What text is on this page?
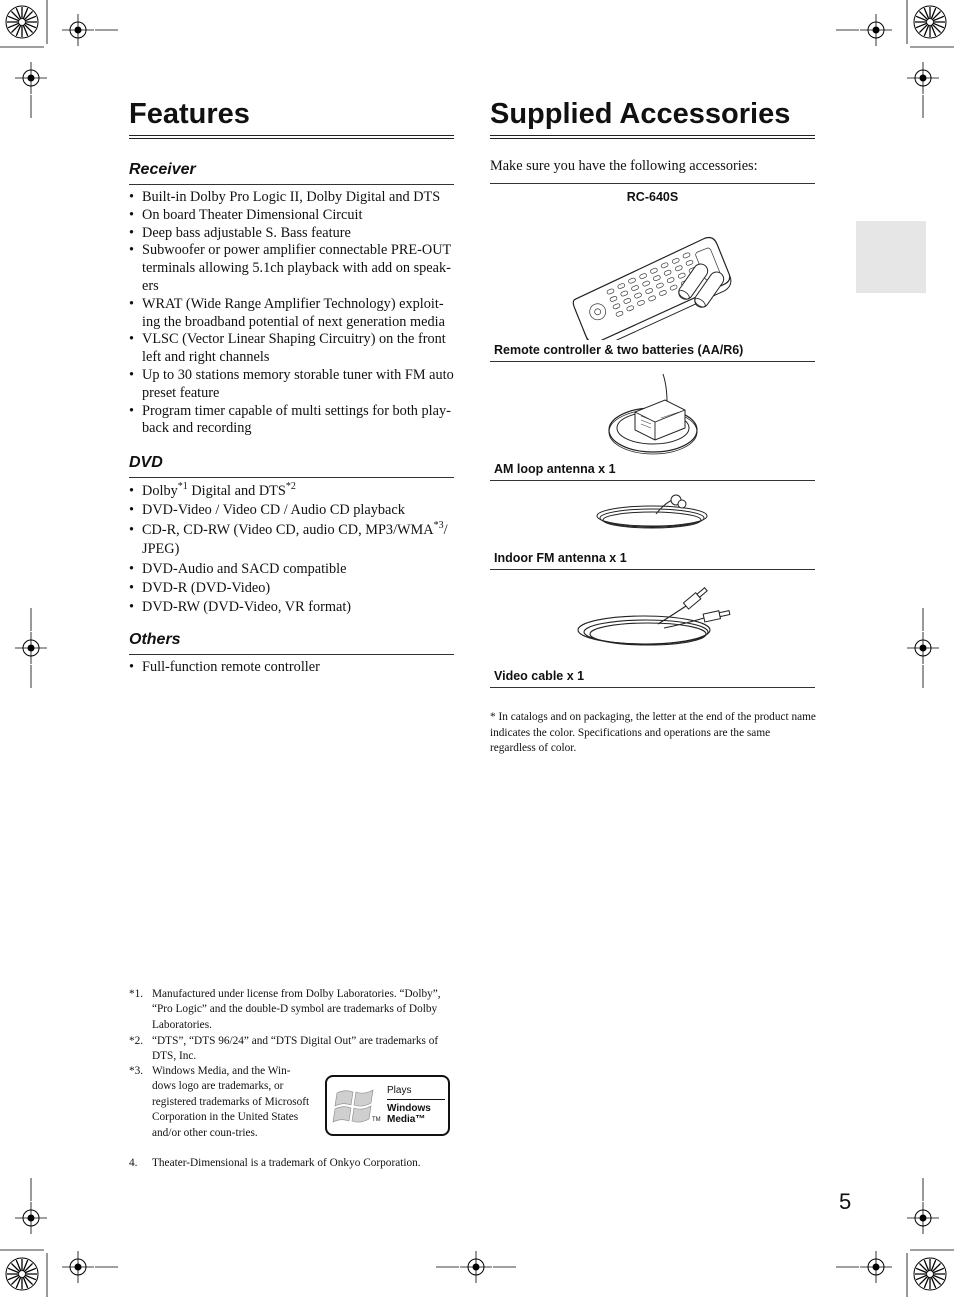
Features
Receiver
• Built-in Dolby Pro Logic II, Dolby Digital and DTS
• On board Theater Dimensional Circuit
• Deep bass adjustable S. Bass feature
• Subwoofer or power amplifier connectable PRE-OUT terminals allowing 5.1ch playback with add on speak-ers
• WRAT (Wide Range Amplifier Technology) exploit-ing the broadband potential of next generation media
• VLSC (Vector Linear Shaping Circuitry) on the front left and right channels
• Up to 30 stations memory storable tuner with FM auto preset feature
• Program timer capable of multi settings for both play-back and recording
DVD
• Dolby$^{*1}$ Digital and DTS$^{*2}$
• DVD-Video / Video CD / Audio CD playback
• CD-R, CD-RW (Video CD, audio CD, MP3/WMA$^{*3}$/ JPEG)
• DVD-Audio and SACD compatible
• DVD-R (DVD-Video)
• DVD-RW (DVD-Video, VR format)
Others
• Full-function remote controller
Supplied Accessories
Make sure you have the following accessories:
RC-640S
Remote controller & two batteries (AA/R6)
AM loop antenna x 1
Indoor FM antenna x 1
Video cable x 1
* In catalogs and on packaging, the letter at the end of the product name indicates the color. Specifications and operations are the same regardless of color.
*1. Manufactured under license from Dolby Laboratories. “Dolby”, “Pro Logic” and the double-D symbol are trademarks of Dolby Laboratories.
*2. “DTS”, “DTS 96/24” and “DTS Digital Out” are trademarks of DTS, Inc.
*3. Windows Media, and the Win-dows logo are trademarks, or registered trademarks of Microsoft Corporation in the United States and/or other coun-tries.
4. Theater-Dimensional is a trademark of Onkyo Corporation.
TM
Plays
Windows
Media™
5
